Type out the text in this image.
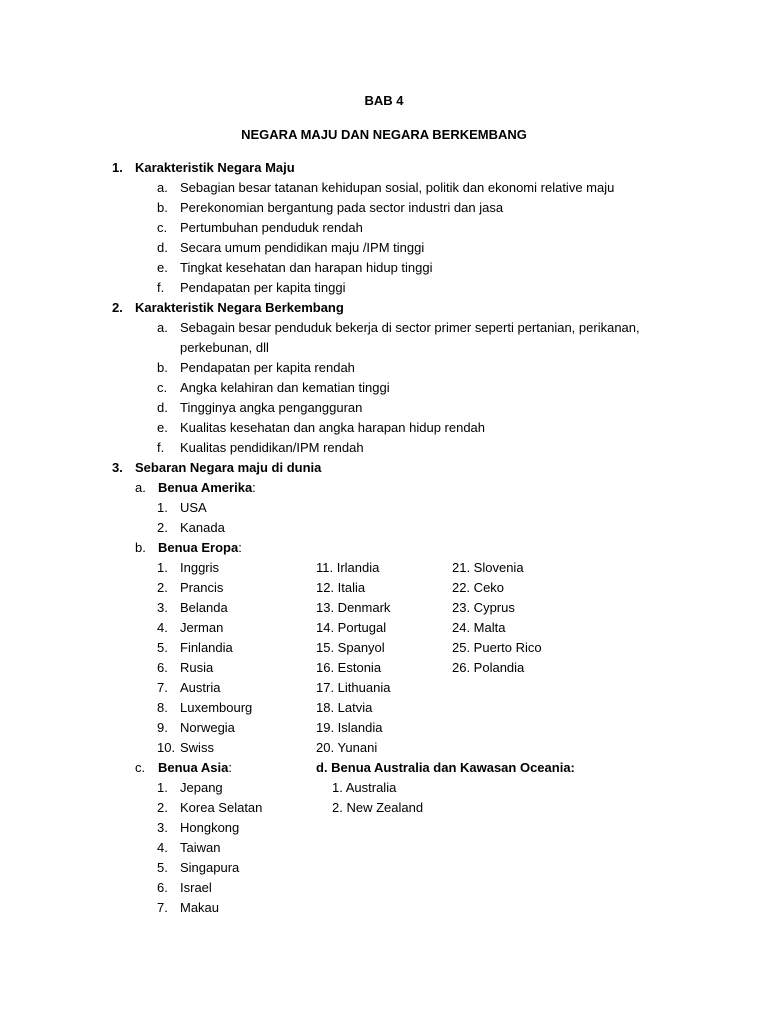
BAB 4
NEGARA MAJU DAN NEGARA BERKEMBANG
1. Karakteristik Negara Maju
a. Sebagian besar tatanan kehidupan sosial, politik dan ekonomi relative maju
b. Perekonomian bergantung pada sector industri dan jasa
c. Pertumbuhan penduduk rendah
d. Secara umum pendidikan maju /IPM tinggi
e. Tingkat kesehatan dan harapan hidup tinggi
f. Pendapatan per kapita tinggi
2. Karakteristik Negara Berkembang
a. Sebagain besar penduduk bekerja di sector primer seperti pertanian, perikanan,
perkebunan, dll
b. Pendapatan per kapita rendah
c. Angka kelahiran dan kematian tinggi
d. Tingginya angka pengangguran
e. Kualitas kesehatan dan angka harapan hidup rendah
f. Kualitas pendidikan/IPM rendah
3. Sebaran Negara maju di dunia
a. Benua Amerika:
1. USA
2. Kanada
b. Benua Eropa:
1. Inggris
2. Prancis
3. Belanda
4. Jerman
5. Finlandia
6. Rusia
7. Austria
8. Luxembourg
9. Norwegia
10. Swiss
11. Irlandia
12. Italia
13. Denmark
14. Portugal
15. Spanyol
16. Estonia
17. Lithuania
18. Latvia
19. Islandia
20. Yunani
21. Slovenia
22. Ceko
23. Cyprus
24. Malta
25. Puerto Rico
26. Polandia
c. Benua Asia:
1. Jepang
2. Korea Selatan
3. Hongkong
4. Taiwan
5. Singapura
6. Israel
7. Makau
d. Benua Australia dan Kawasan Oceania:
1. Australia
2. New Zealand
